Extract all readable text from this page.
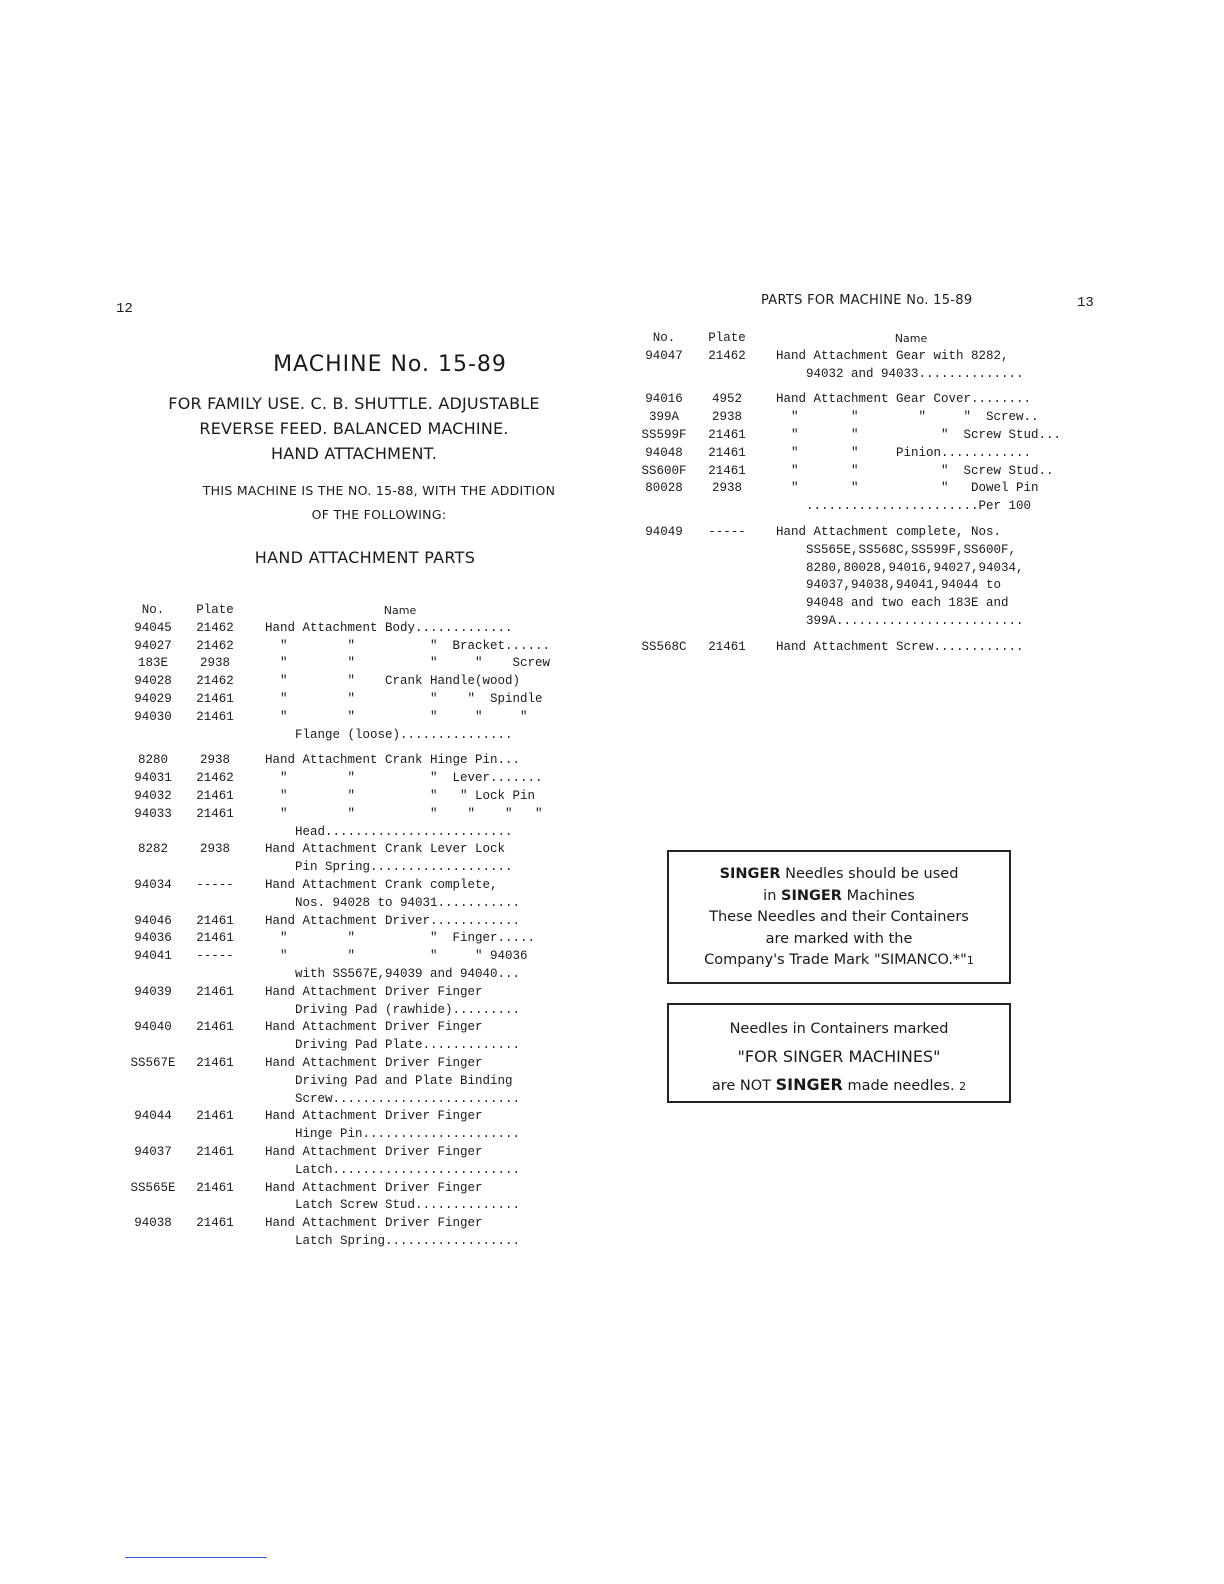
12
MACHINE No. 15-89
FOR FAMILY USE. C. B. SHUTTLE. ADJUSTABLE
REVERSE FEED. BALANCED MACHINE.
HAND ATTACHMENT.
THIS MACHINE IS THE NO. 15-88, WITH THE ADDITION
OF THE FOLLOWING:
HAND ATTACHMENT PARTS
No.	Plate	Name
94045	21462	Hand Attachment Body.............
94027	21462	"        "          "  Bracket......
183E	2938	"        "          "     "    Screw
94028	21462	"        "    Crank Handle(wood)
94029	21461	"        "          "    "  Spindle
94030	21461	"        "          "     "     "
Flange (loose)...............
8280	2938	Hand Attachment Crank Hinge Pin...
94031	21462	"        "          "  Lever.......
94032	21461	"        "          "   " Lock Pin
94033	21461	"        "          "    "    "   "
Head.........................
8282	2938	Hand Attachment Crank Lever Lock
Pin Spring...................
94034	-----	Hand Attachment Crank complete,
Nos. 94028 to 94031...........
94046	21461	Hand Attachment Driver............
94036	21461	"        "          "  Finger.....
94041	-----	"        "          "     " 94036
with SS567E,94039 and 94040...
94039	21461	Hand Attachment Driver Finger
Driving Pad (rawhide).........
94040	21461	Hand Attachment Driver Finger
Driving Pad Plate.............
SS567E	21461	Hand Attachment Driver Finger
Driving Pad and Plate Binding
Screw.........................
94044	21461	Hand Attachment Driver Finger
Hinge Pin.....................
94037	21461	Hand Attachment Driver Finger
Latch.........................
SS565E	21461	Hand Attachment Driver Finger
Latch Screw Stud..............
94038	21461	Hand Attachment Driver Finger
Latch Spring..................
PARTS FOR MACHINE No. 15-89	13
No.	Plate	Name
94047	21462	Hand Attachment Gear with 8282,
94032 and 94033..............
94016	4952	Hand Attachment Gear Cover........
399A	2938	"       "        "     "  Screw..
SS599F	21461	"       "           "  Screw Stud...
94048	21461	"       "     Pinion............
SS600F	21461	"       "           "  Screw Stud..
80028	2938	"       "           "   Dowel Pin
.......................Per 100
94049	-----	Hand Attachment complete, Nos.
SS565E,SS568C,SS599F,SS600F,
8280,80028,94016,94027,94034,
94037,94038,94041,94044 to
94048 and two each 183E and
399A.........................
SS568C	21461	Hand Attachment Screw............
SINGER Needles should be used
in SINGER Machines
These Needles and their Containers
are marked with the
Company's Trade Mark "SIMANCO.*"1
Needles in Containers marked
"FOR SINGER MACHINES"
are NOT SINGER made needles. 2
